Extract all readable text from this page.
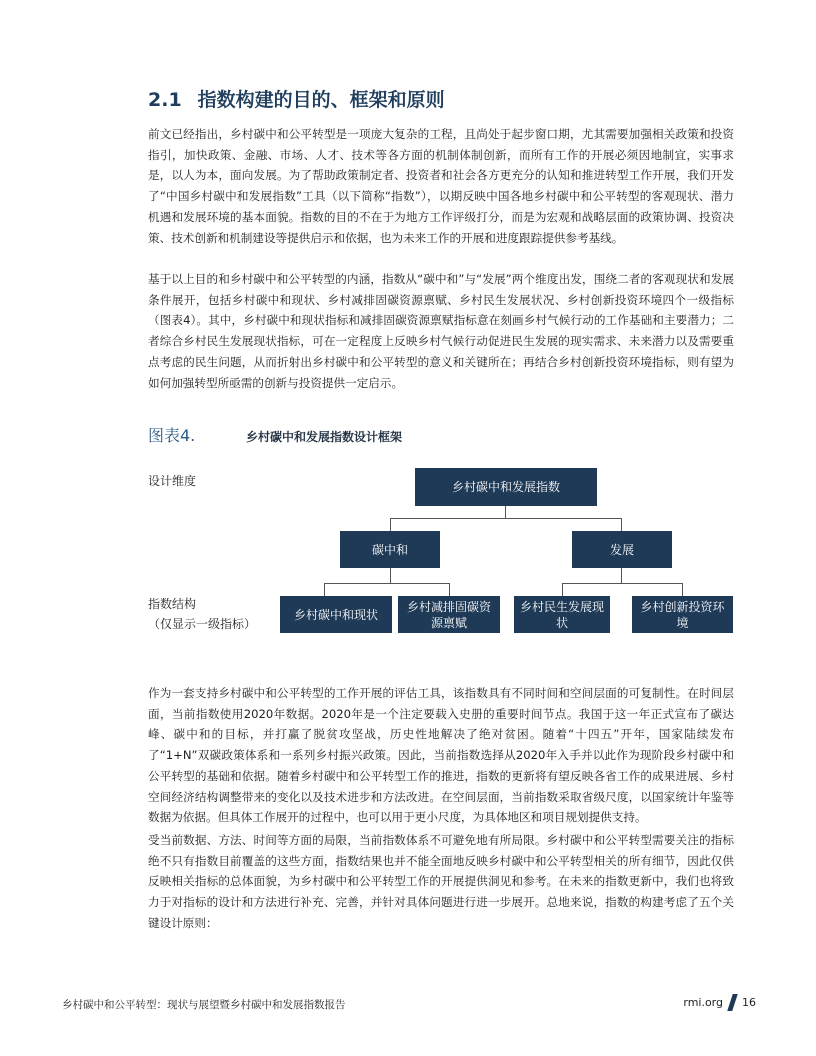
2.1 指数构建的目的、框架和原则

前文已经指出，乡村碳中和公平转型是一项庞大复杂的工程，且尚处于起步窗口期，尤其需要加强相关政策和投资指引，加快政策、金融、市场、人才、技术等各方面的机制体制创新，而所有工作的开展必须因地制宜，实事求是，以人为本，面向发展。为了帮助政策制定者、投资者和社会各方更充分的认知和推进转型工作开展，我们开发了“中国乡村碳中和发展指数”工具（以下简称“指数”），以期反映中国各地乡村碳中和公平转型的客观现状、潜力机遇和发展环境的基本面貌。指数的目的不在于为地方工作评级打分，而是为宏观和战略层面的政策协调、投资决策、技术创新和机制建设等提供启示和依据，也为未来工作的开展和进度跟踪提供参考基线。

基于以上目的和乡村碳中和公平转型的内涵，指数从“碳中和”与“发展”两个维度出发，围绕二者的客观现状和发展条件展开，包括乡村碳中和现状、乡村减排固碳资源禀赋、乡村民生发展状况、乡村创新投资环境四个一级指标（图表4）。其中，乡村碳中和现状指标和减排固碳资源禀赋指标意在刻画乡村气候行动的工作基础和主要潜力；二者综合乡村民生发展现状指标，可在一定程度上反映乡村气候行动促进民生发展的现实需求、未来潜力以及需要重点考虑的民生问题，从而折射出乡村碳中和公平转型的意义和关键所在；再结合乡村创新投资环境指标，则有望为如何加强转型所亟需的创新与投资提供一定启示。

图表4.	乡村碳中和发展指数设计框架
设计维度
指数结构
（仅显示一级指标）
乡村碳中和发展指数
碳中和	发展
乡村碳中和现状
乡村减排固碳资源禀赋
乡村民生发展现状
乡村创新投资环境

作为一套支持乡村碳中和公平转型的工作开展的评估工具，该指数具有不同时间和空间层面的可复制性。在时间层面，当前指数使用2020年数据。2020年是一个注定要载入史册的重要时间节点。我国于这一年正式宣布了碳达峰、碳中和的目标，并打赢了脱贫攻坚战，历史性地解决了绝对贫困。随着“十四五”开年，国家陆续发布了“1+N”双碳政策体系和一系列乡村振兴政策。因此，当前指数选择从2020年入手并以此作为现阶段乡村碳中和公平转型的基础和依据。随着乡村碳中和公平转型工作的推进，指数的更新将有望反映各省工作的成果进展、乡村空间经济结构调整带来的变化以及技术进步和方法改进。在空间层面，当前指数采取省级尺度，以国家统计年鉴等数据为依据。但具体工作展开的过程中，也可以用于更小尺度，为具体地区和项目规划提供支持。

受当前数据、方法、时间等方面的局限，当前指数体系不可避免地有所局限。乡村碳中和公平转型需要关注的指标绝不只有指数目前覆盖的这些方面，指数结果也并不能全面地反映乡村碳中和公平转型相关的所有细节，因此仅供反映相关指标的总体面貌，为乡村碳中和公平转型工作的开展提供洞见和参考。在未来的指数更新中，我们也将致力于对指标的设计和方法进行补充、完善，并针对具体问题进行进一步展开。总地来说，指数的构建考虑了五个关键设计原则：

乡村碳中和公平转型：现状与展望暨乡村碳中和发展指数报告	rmi.org 16
